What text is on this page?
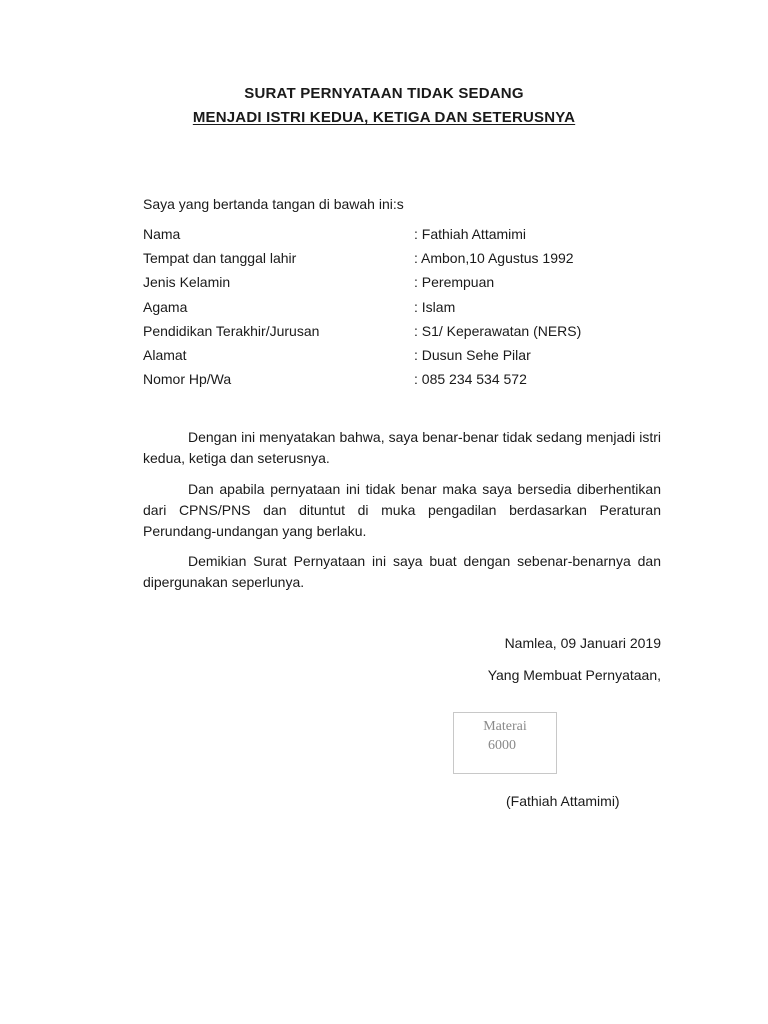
SURAT PERNYATAAN TIDAK SEDANG
MENJADI ISTRI KEDUA, KETIGA DAN SETERUSNYA
Saya yang bertanda tangan di bawah ini:s
Nama	: Fathiah Attamimi
Tempat dan tanggal lahir	: Ambon,10 Agustus 1992
Jenis Kelamin	: Perempuan
Agama	: Islam
Pendidikan Terakhir/Jurusan	: S1/ Keperawatan (NERS)
Alamat	: Dusun Sehe Pilar
Nomor Hp/Wa	: 085 234 534 572

Dengan ini menyatakan bahwa, saya benar-benar tidak sedang menjadi istri kedua, ketiga dan seterusnya.

Dan apabila pernyataan ini tidak benar maka saya bersedia diberhentikan dari CPNS/PNS dan dituntut di muka pengadilan berdasarkan Peraturan Perundang-undangan yang berlaku.

Demikian Surat Pernyataan ini saya buat dengan sebenar-benarnya dan dipergunakan seperlunya.

Namlea, 09 Januari 2019
Yang Membuat Pernyataan,
Materai
6000
(Fathiah Attamimi)
